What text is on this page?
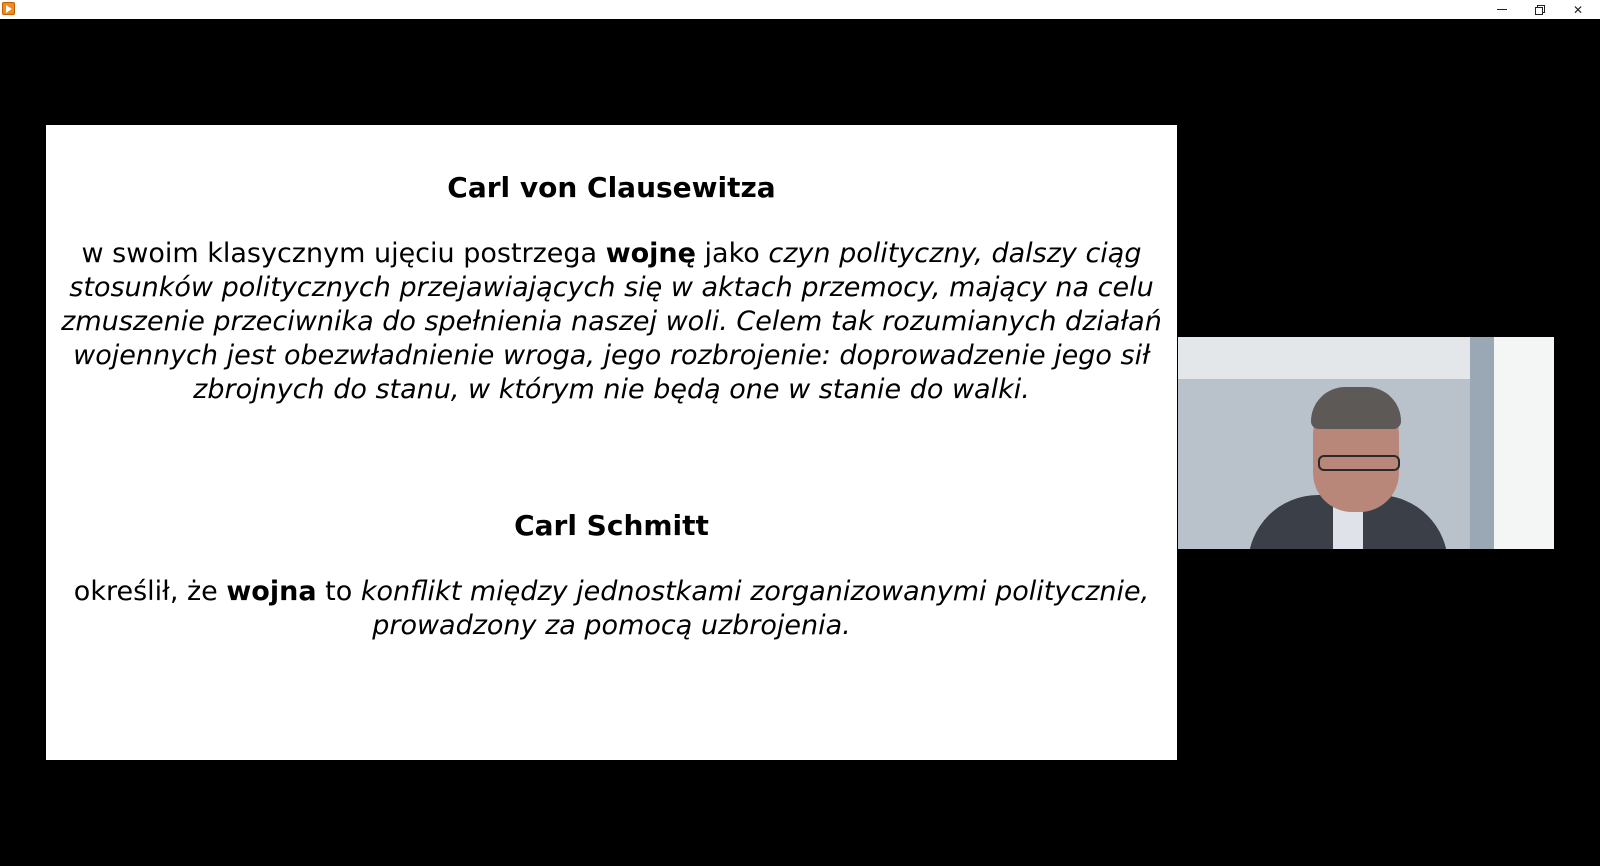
✕
Carl von Clausewitza
w swoim klasycznym ujęciu postrzega wojnę jako czyn polityczny, dalszy ciąg stosunków politycznych przejawiających się w aktach przemocy, mający na celu zmuszenie przeciwnika do spełnienia naszej woli. Celem tak rozumianych działań wojennych jest obezwładnienie wroga, jego rozbrojenie: doprowadzenie jego sił zbrojnych do stanu, w którym nie będą one w stanie do walki.
Carl Schmitt
określił, że wojna to konflikt między jednostkami zorganizowanymi politycznie, prowadzony za pomocą uzbrojenia.
